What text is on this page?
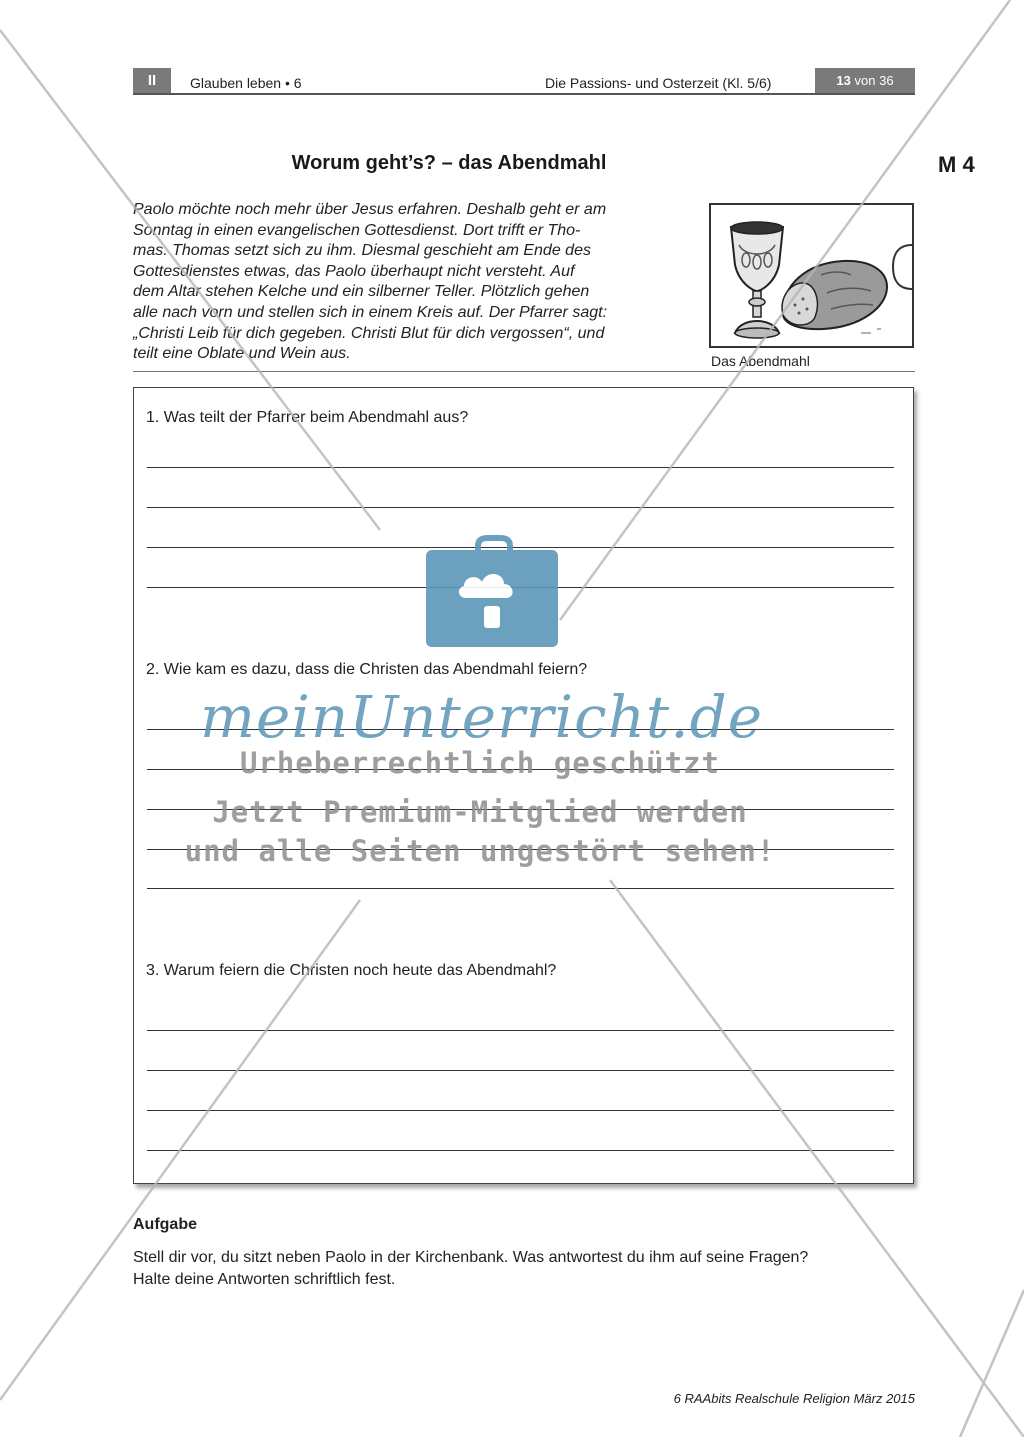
II	Glauben leben • 6	Die Passions- und Osterzeit (Kl. 5/6)	13 von 36
Worum geht’s? – das Abendmahl	M 4
Paolo möchte noch mehr über Jesus erfahren. Deshalb geht er am
Sonntag in einen evangelischen Gottesdienst. Dort trifft er Tho-
mas. Thomas setzt sich zu ihm. Diesmal geschieht am Ende des
Gottesdienstes etwas, das Paolo überhaupt nicht versteht. Auf
dem Altar stehen Kelche und ein silberner Teller. Plötzlich gehen
alle nach vorn und stellen sich in einem Kreis auf. Der Pfarrer sagt:
„Christi Leib für dich gegeben. Christi Blut für dich vergossen“, und
teilt eine Oblate und Wein aus.	Das Abendmahl
1. Was teilt der Pfarrer beim Abendmahl aus?
2. Wie kam es dazu, dass die Christen das Abendmahl feiern?
3. Warum feiern die Christen noch heute das Abendmahl?
Aufgabe
Stell dir vor, du sitzt neben Paolo in der Kirchenbank. Was antwortest du ihm auf seine Fragen?
Halte deine Antworten schriftlich fest.
6 RAAbits Realschule Religion März 2015
meinUnterricht.de
Urheberrechtlich geschützt
Jetzt Premium-Mitglied werden
und alle Seiten ungestört sehen!
